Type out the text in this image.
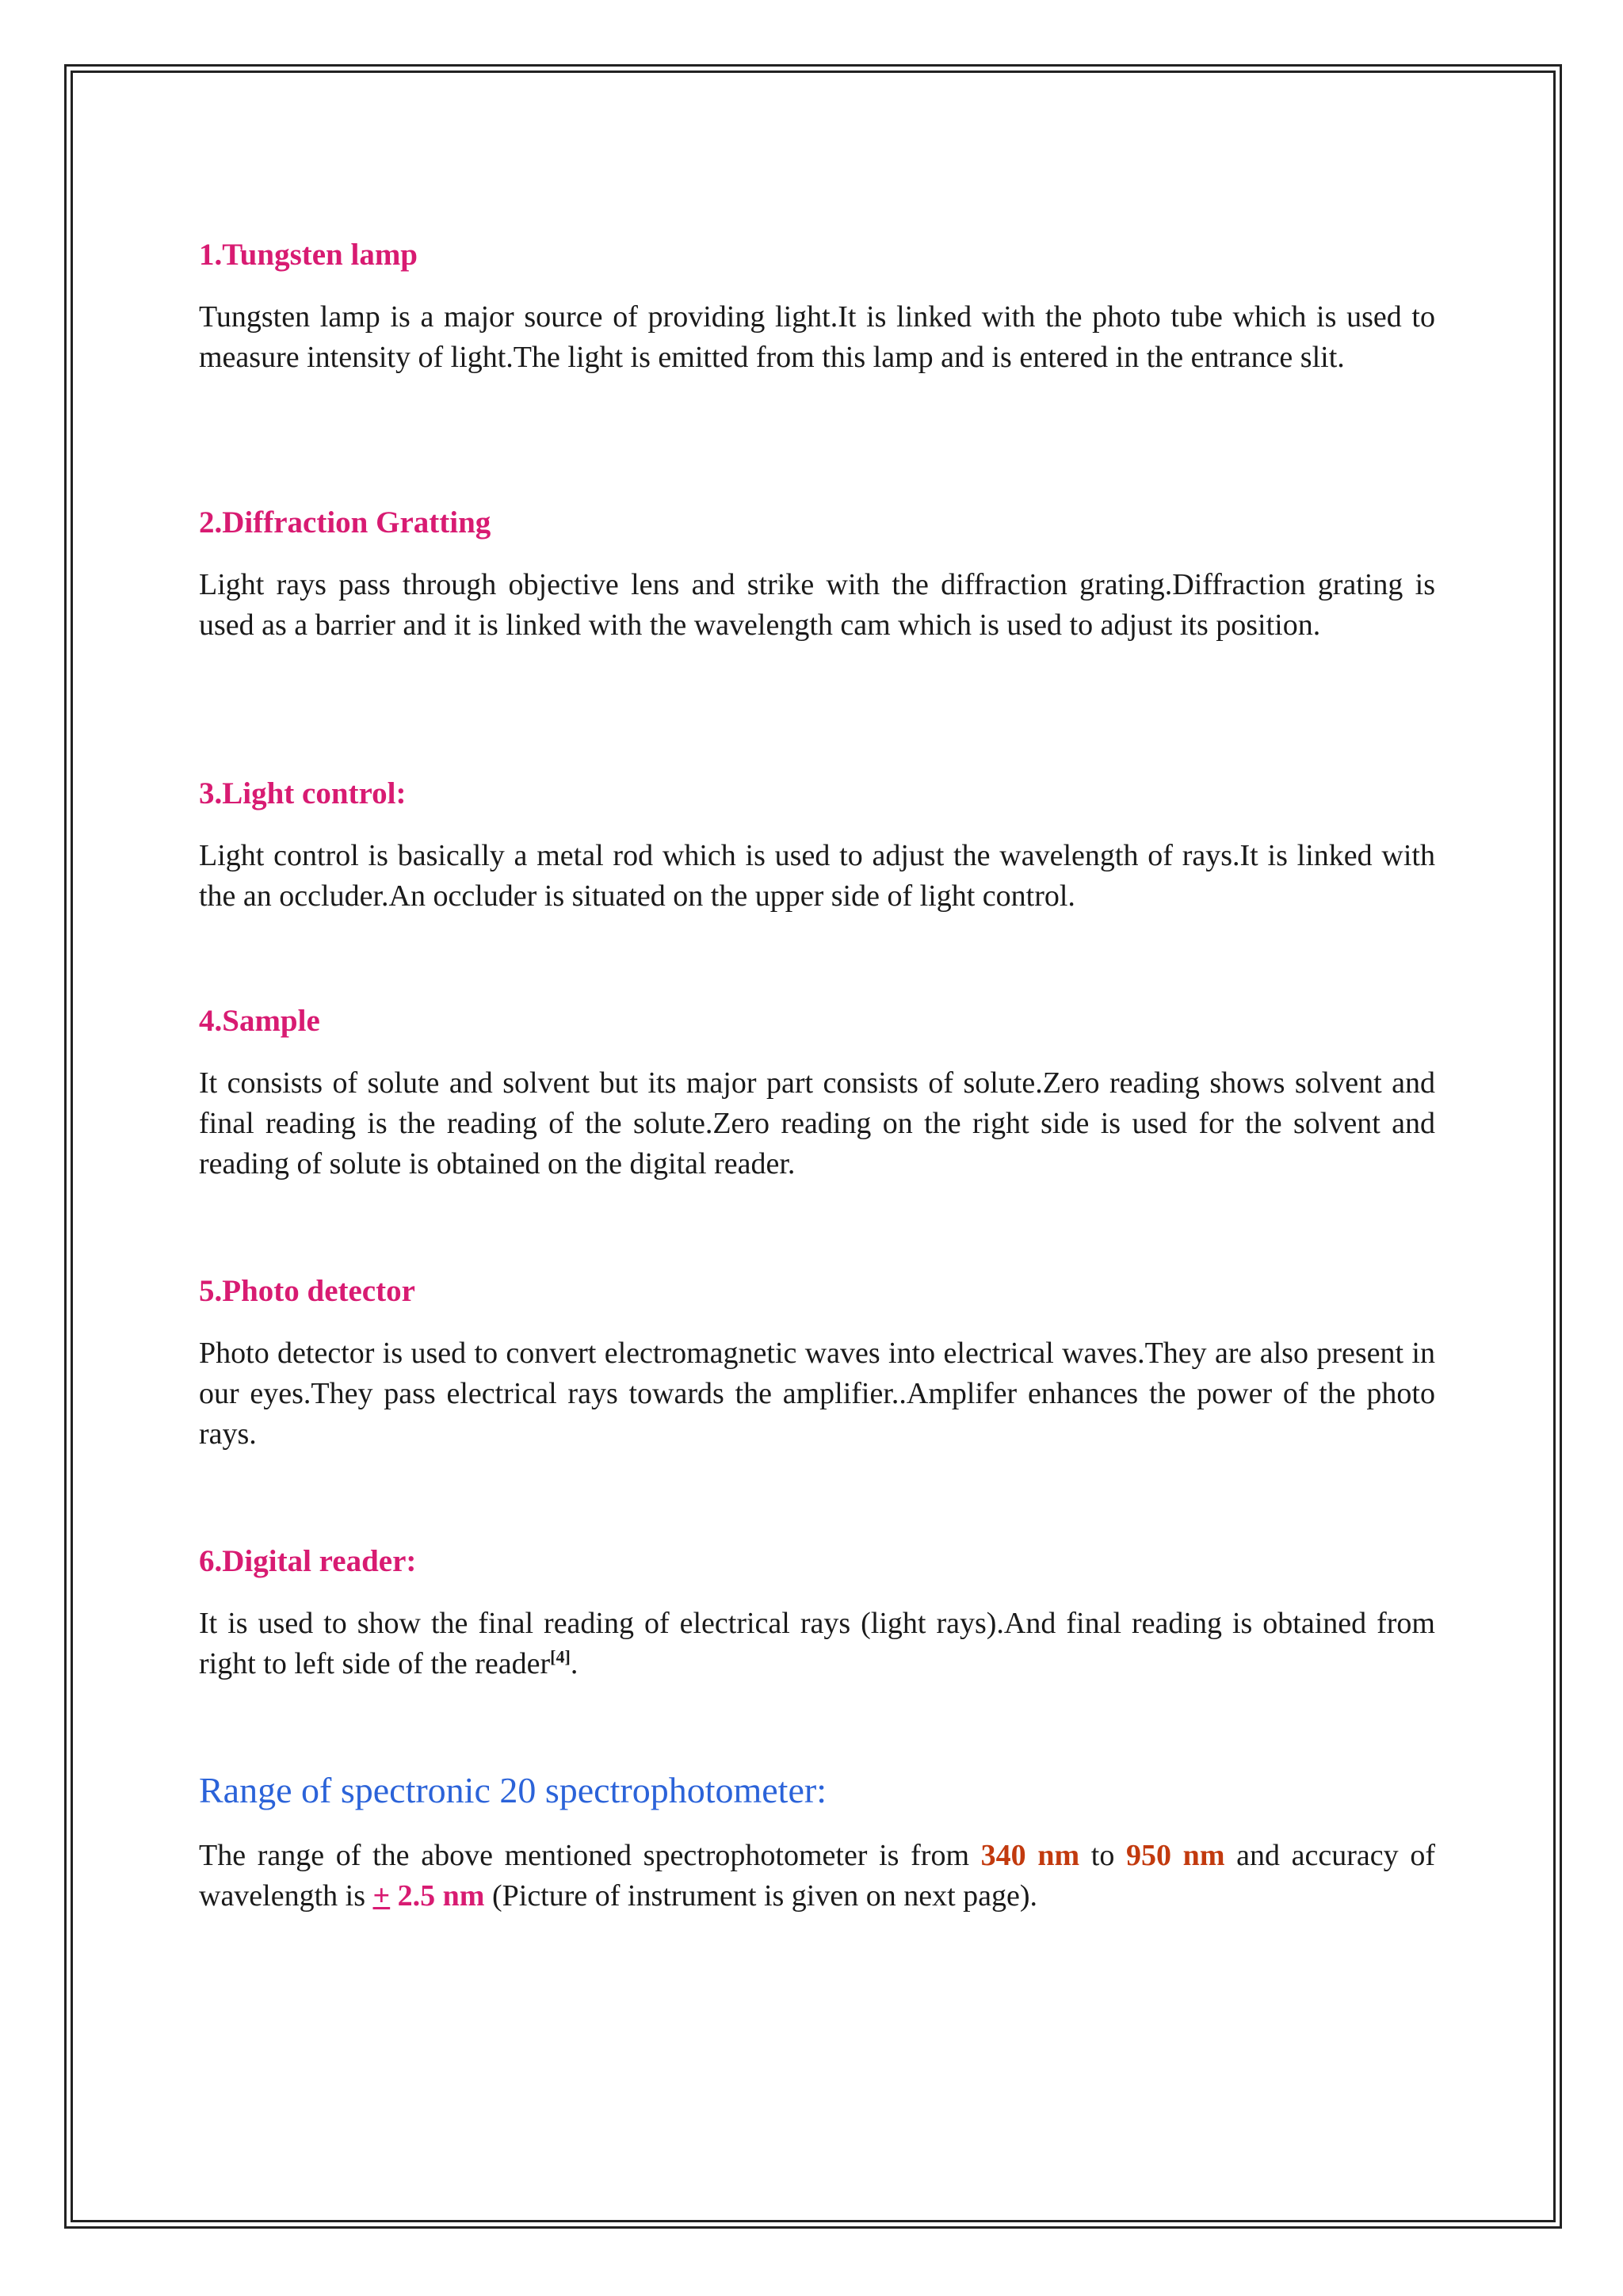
1.Tungsten lamp

Tungsten lamp is a major source of providing light.It is linked with the photo tube which is used to measure intensity of light.The light is emitted from this lamp and is entered in the entrance slit.

2.Diffraction Gratting

Light rays pass through objective lens and strike with the diffraction grating.Diffraction grating is used as a barrier and it is linked with the wavelength cam which is used to adjust its position.

3.Light control:

Light control is basically a metal rod which is used to adjust the wavelength of rays.It is linked with the an occluder.An occluder is situated on the upper side of light control.

4.Sample

It consists of solute and solvent but its major part consists of solute.Zero reading shows solvent and final reading is the reading of the solute.Zero reading on the right side is used for the solvent and reading of solute is obtained on the digital reader.

5.Photo detector

Photo detector is used to convert electromagnetic waves into electrical waves.They are also present in our eyes.They pass electrical rays towards the amplifier..Amplifer enhances the power of the photo rays.

6.Digital reader:

It is used to show the final reading of electrical rays (light rays).And final reading is obtained from right to left side of the reader[4].

Range of spectronic 20 spectrophotometer:

The range of the above mentioned spectrophotometer is from 340 nm to 950 nm and accuracy of wavelength is + 2.5 nm (Picture of instrument is given on next page).
